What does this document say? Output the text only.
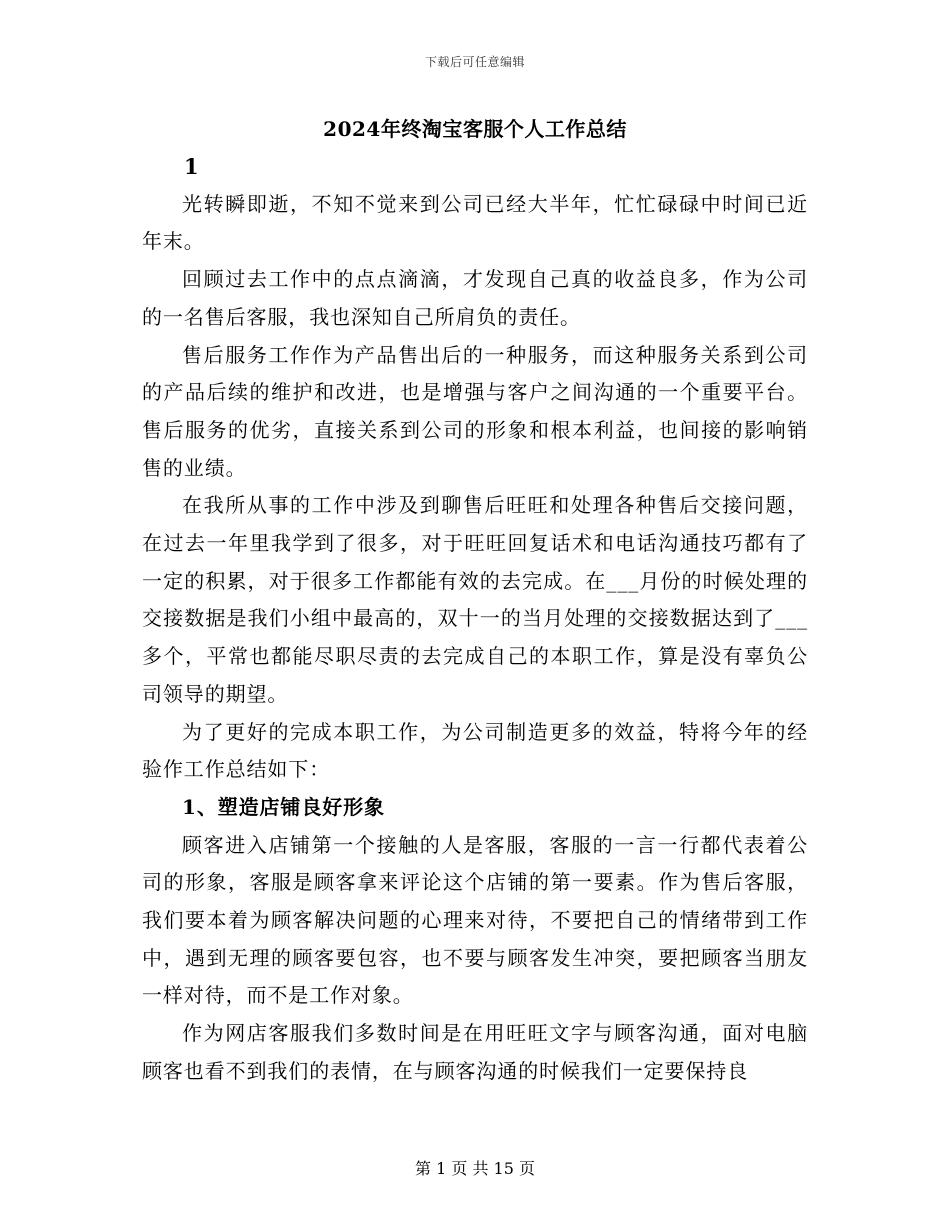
下载后可任意编辑
2024年终淘宝客服个人工作总结

1

光转瞬即逝，不知不觉来到公司已经大半年，忙忙碌碌中时间已近年末。

回顾过去工作中的点点滴滴，才发现自己真的收益良多，作为公司的一名售后客服，我也深知自己所肩负的责任。

售后服务工作作为产品售出后的一种服务，而这种服务关系到公司的产品后续的维护和改进，也是增强与客户之间沟通的一个重要平台。售后服务的优劣，直接关系到公司的形象和根本利益，也间接的影响销售的业绩。

在我所从事的工作中涉及到聊售后旺旺和处理各种售后交接问题，在过去一年里我学到了很多，对于旺旺回复话术和电话沟通技巧都有了一定的积累，对于很多工作都能有效的去完成。在___月份的时候处理的交接数据是我们小组中最高的，双十一的当月处理的交接数据达到了___多个，平常也都能尽职尽责的去完成自己的本职工作，算是没有辜负公司领导的期望。

为了更好的完成本职工作，为公司制造更多的效益，特将今年的经验作工作总结如下：

1、塑造店铺良好形象

顾客进入店铺第一个接触的人是客服，客服的一言一行都代表着公司的形象，客服是顾客拿来评论这个店铺的第一要素。作为售后客服，我们要本着为顾客解决问题的心理来对待，不要把自己的情绪带到工作中，遇到无理的顾客要包容，也不要与顾客发生冲突，要把顾客当朋友一样对待，而不是工作对象。

作为网店客服我们多数时间是在用旺旺文字与顾客沟通，面对电脑顾客也看不到我们的表情，在与顾客沟通的时候我们一定要保持良

第 1 页 共 15 页
